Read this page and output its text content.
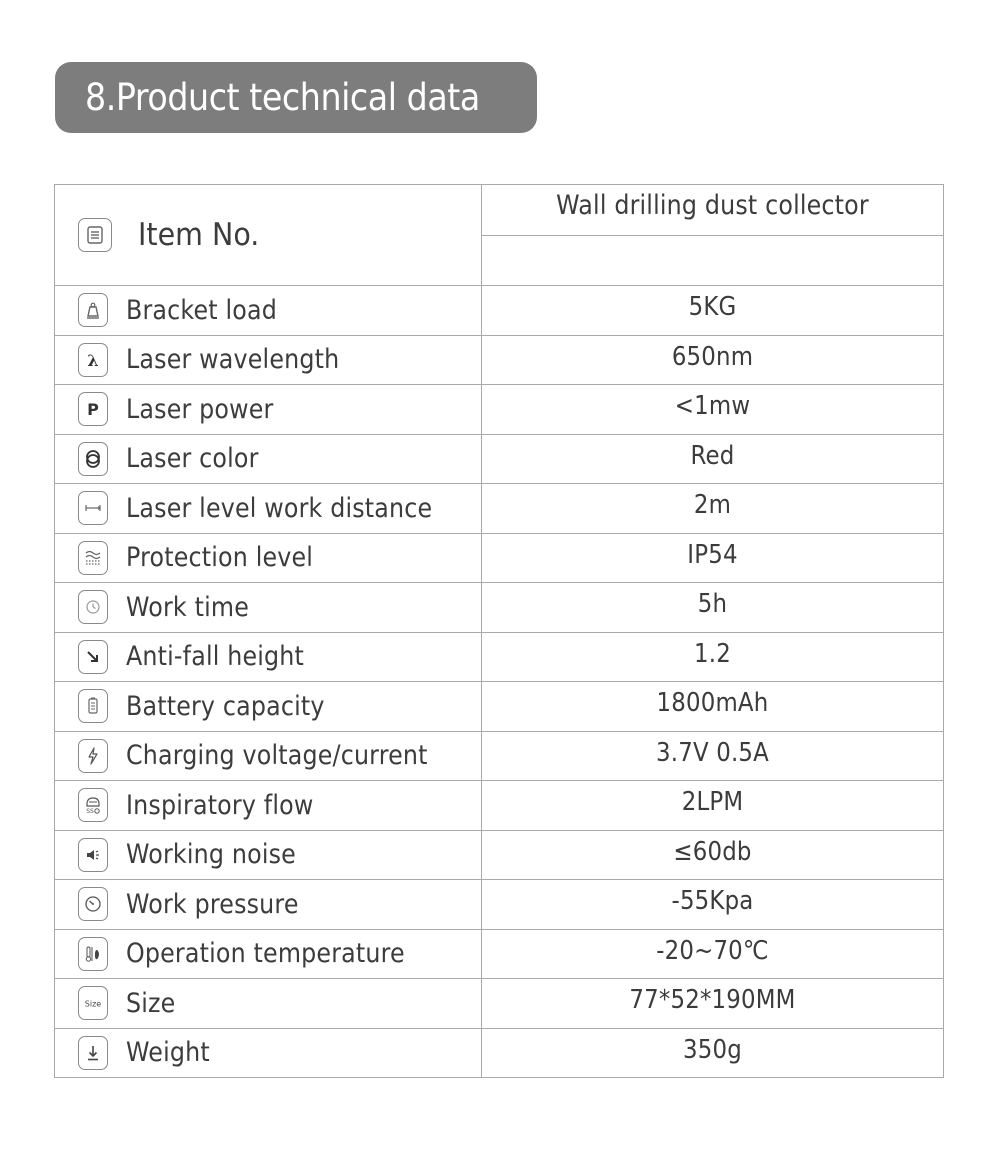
8.Product technical data
Item No.	Wall drilling dust collector

Bracket load	5KG

λ Laser wavelength	650nm

P Laser power	<1mw

Laser color	Red

Laser level work distance	2m

Protection level	IP54

Work time	5h

Anti-fall height	1.2

Battery capacity	1800mAh

Charging voltage/current	3.7V 0.5A

SS Inspiratory flow	2LPM

Working noise	≤60db

Work pressure	-55Kpa

Operation temperature	-20~70℃

Size Size	77*52*190MM

Weight	350g
